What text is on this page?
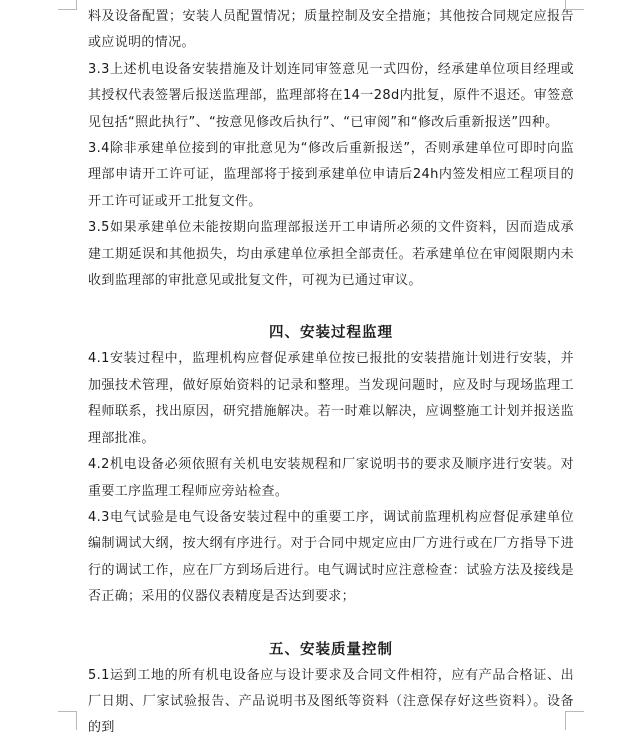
料及设备配置；安装人员配置情况；质量控制及安全措施；其他按合同规定应报告或应说明的情况。

3.3上述机电设备安装措施及计划连同审签意见一式四份，经承建单位项目经理或其授权代表签署后报送监理部，监理部将在14一28d内批复，原件不退还。审签意见包括“照此执行”、“按意见修改后执行”、“已审阅”和“修改后重新报送”四种。

3.4除非承建单位接到的审批意见为“修改后重新报送”，否则承建单位可即时向监理部申请开工许可证，监理部将于接到承建单位申请后24h内签发相应工程项目的开工许可证或开工批复文件。

3.5如果承建单位未能按期向监理部报送开工申请所必须的文件资料，因而造成承建工期延误和其他损失，均由承建单位承担全部责任。若承建单位在审阅限期内未收到监理部的审批意见或批复文件，可视为已通过审议。

四、安装过程监理

4.1安装过程中，监理机构应督促承建单位按已报批的安装措施计划进行安装，并加强技术管理，做好原始资料的记录和整理。当发现问题时，应及时与现场监理工程师联系，找出原因，研究措施解决。若一时难以解决，应调整施工计划并报送监理部批准。

4.2机电设备必须依照有关机电安装规程和厂家说明书的要求及顺序进行安装。对重要工序监理工程师应旁站检查。

4.3电气试验是电气设备安装过程中的重要工序，调试前监理机构应督促承建单位编制调试大纲，按大纲有序进行。对于合同中规定应由厂方进行或在厂方指导下进行的调试工作，应在厂方到场后进行。电气调试时应注意检查：试验方法及接线是否正确；采用的仪器仪表精度是否达到要求；

五、安装质量控制

5.1运到工地的所有机电设备应与设计要求及合同文件相符，应有产品合格证、出厂日期、厂家试验报告、产品说明书及图纸等资料（注意保存好这些资料）。设备的到
